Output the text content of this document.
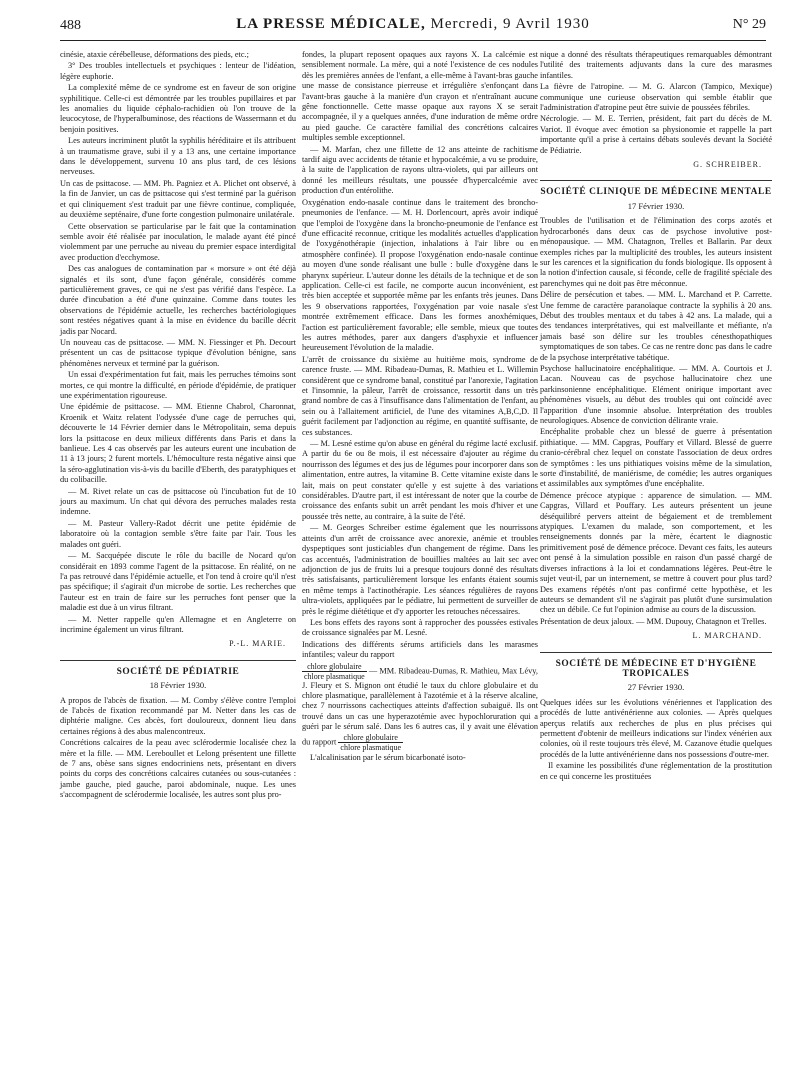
488	LA PRESSE MÉDICALE, Mercredi, 9 Avril 1930	N° 29

cinésie, ataxie cérébelleuse, déformations des pieds, etc.;

3° Des troubles intellectuels et psychiques : lenteur de l'idéation, légère euphorie.

La complexité même de ce syndrome est en faveur de son origine syphilitique. Celle-ci est démontrée par les troubles pupillaires et par les anomalies du liquide céphalo-rachidien où l'on trouve de la leucocytose, de l'hyperalbuminose, des réactions de Wassermann et du benjoin positives.

Les auteurs incriminent plutôt la syphilis héréditaire et ils attribuent à un traumatisme grave, subi il y a 13 ans, une certaine importance dans le développement, survenu 10 ans plus tard, de ces lésions nerveuses.

Un cas de psittacose. — MM. Ph. Pagniez et A. Plichet ont observé, à la fin de Janvier, un cas de psittacose qui s'est terminé par la guérison et qui cliniquement s'est traduit par une fièvre continue, compliquée, au deuxième septénaire, d'une forte congestion pulmonaire unilatérale.

Cette observation se particularise par le fait que la contamination semble avoir été réalisée par inoculation, le malade ayant été pincé violemment par une perruche au niveau du premier espace interdigital avec production d'ecchymose.

Des cas analogues de contamination par « morsure » ont été déjà signalés et ils sont, d'une façon générale, considérés comme particulièrement graves, ce qui ne s'est pas vérifié dans l'espèce. La durée d'incubation a été d'une quinzaine. Comme dans toutes les observations de l'épidémie actuelle, les recherches bactériologiques sont restées négatives quant à la mise en évidence du bacille décrit jadis par Nocard.

Un nouveau cas de psittacose. — MM. N. Fiessinger et Ph. Decourt présentent un cas de psittacose typique d'évolution bénigne, sans phénomènes nerveux et terminé par la guérison.

Un essai d'expérimentation fut fait, mais les perruches témoins sont mortes, ce qui montre la difficulté, en période d'épidémie, de pratiquer une expérimentation rigoureuse.

Une épidémie de psittacose. — MM. Etienne Chabrol, Charonnat, Kroenik et Waitz relatent l'odyssée d'une cage de perruches qui, découverte le 14 Février dernier dans le Métropolitain, sema depuis lors la psittacose en deux milieux différents dans Paris et dans la banlieue. Les 4 cas observés par les auteurs eurent une incubation de 11 à 13 jours; 2 furent mortels. L'hémoculture resta négative ainsi que la séro-agglutination vis-à-vis du bacille d'Eberth, des paratyphiques et du colibacille.

— M. Rivet relate un cas de psittacose où l'incubation fut de 10 jours au maximum. Un chat qui dévora des perruches malades resta indemne.

— M. Pasteur Vallery-Radot décrit une petite épidémie de laboratoire où la contagion semble s'être faite par l'air. Tous les malades ont guéri.

— M. Sacquépée discute le rôle du bacille de Nocard qu'on considérait en 1893 comme l'agent de la psittacose. En réalité, on ne l'a pas retrouvé dans l'épidémie actuelle, et l'on tend à croire qu'il n'est pas spécifique; il s'agirait d'un microbe de sortie. Les recherches que l'auteur est en train de faire sur les perruches font penser que la maladie est due à un virus filtrant.

— M. Netter rappelle qu'en Allemagne et en Angleterre on incrimine également un virus filtrant.

P.-L. MARIE.
SOCIÉTÉ DE PÉDIATRIE
18 Février 1930.

A propos de l'abcès de fixation. — M. Comby s'élève contre l'emploi de l'abcès de fixation recommandé par M. Netter dans les cas de diphtérie maligne. Ces abcès, fort douloureux, donnent lieu dans certaines régions à des abus malencontreux.

Concrétions calcaires de la peau avec sclérodermie localisée chez la mère et la fille. — MM. Lereboullet et Lelong présentent une fillette de 7 ans, obèse sans signes endocriniens nets, présentant en divers points du corps des concrétions calcaires cutanées ou sous-cutanées : jambe gauche, pied gauche, paroi abdominale, nuque. Les unes s'accompagnent de sclérodermie localisée, les autres sont plus pro-

fondes, la plupart reposent opaques aux rayons X. La calcémie est sensiblement normale. La mère, qui a noté l'existence de ces nodules dès les premières années de l'enfant, a elle-même à l'avant-bras gauche une masse de consistance pierreuse et irrégulière s'enfonçant dans l'avant-bras gauche à la manière d'un crayon et n'entraînant aucune gêne fonctionnelle. Cette masse opaque aux rayons X se serait accompagnée, il y a quelques années, d'une induration de même ordre au pied gauche. Ce caractère familial des concrétions calcaires multiples semble exceptionnel.

— M. Marfan, chez une fillette de 12 ans atteinte de rachitisme tardif aigu avec accidents de tétanie et hypocalcémie, a vu se produire, à la suite de l'application de rayons ultra-violets, qui par ailleurs ont donné les meilleurs résultats, une poussée d'hypercalcémie avec production d'un entérolithe.

Oxygénation endo-nasale continue dans le traitement des broncho-pneumonies de l'enfance. — M. H. Dorlencourt, après avoir indiqué que l'emploi de l'oxygène dans la broncho-pneumonie de l'enfance est d'une efficacité reconnue, critique les modalités actuelles d'application de l'oxygénothérapie (injection, inhalations à l'air libre ou en atmosphère confinée). Il propose l'oxygénation endo-nasale continue au moyen d'une sonde réalisant une bulle : bulle d'oxygène dans le pharynx supérieur. L'auteur donne les détails de la technique et de son application. Celle-ci est facile, ne comporte aucun inconvénient, est très bien acceptée et supportée même par les enfants très jeunes. Dans les 9 observations rapportées, l'oxygénation par voie nasale s'est montrée extrêmement efficace. Dans les formes anoxhémiques, l'action est particulièrement favorable; elle semble, mieux que toutes les autres méthodes, parer aux dangers d'asphyxie et influencer heureusement l'évolution de la maladie.

L'arrêt de croissance du sixième au huitième mois, syndrome de carence fruste. — MM. Ribadeau-Dumas, R. Mathieu et L. Willemin considèrent que ce syndrome banal, constitué par l'anorexie, l'agitation et l'insomnie, la pâleur, l'arrêt de croissance, ressortit dans un très grand nombre de cas à l'insuffisance dans l'alimentation de l'enfant, au sein ou à l'allaitement artificiel, de l'une des vitamines A,B,C,D. Il guérit facilement par l'adjonction au régime, en quantité suffisante, de ces substances.

— M. Lesné estime qu'on abuse en général du régime lacté exclusif. A partir du 6e ou 8e mois, il est nécessaire d'ajouter au régime du nourrisson des légumes et des jus de légumes pour incorporer dans son alimentation, entre autres, la vitamine B. Cette vitamine existe dans le lait, mais on peut constater qu'elle y est sujette à des variations considérables. D'autre part, il est intéressant de noter que la courbe de croissance des enfants subit un arrêt pendant les mois d'hiver et une poussée très nette, au contraire, à la suite de l'été.

— M. Georges Schreiber estime également que les nourrissons atteints d'un arrêt de croissance avec anorexie, anémie et troubles dyspeptiques sont justiciables d'un changement de régime. Dans les cas accentués, l'administration de bouillies maltées au lait sec avec adjonction de jus de fruits lui a presque toujours donné des résultats très satisfaisants, particulièrement lorsque les enfants étaient soumis en même temps à l'actinothérapie. Les séances régulières de rayons ultra-violets, appliquées par le pédiatre, lui permettent de surveiller de près le régime diététique et d'y apporter les retouches nécessaires.

Les bons effets des rayons sont à rapprocher des poussées estivales de croissance signalées par M. Lesné.

Indications des différents sérums artificiels dans les marasmes infantiles; valeur du rapport

$\frac{\text{chlore globulaire}}{\text{chlore plasmatique}}$ — MM. Ribadeau-Dumas, R. Mathieu, Max Lévy, J. Fleury et S. Mignon ont étudié le taux du chlore globulaire et du chlore plasmatique, parallèlement à l'azotémie et à la réserve alcaline, chez 7 nourrissons cachectiques atteints d'affection subaiguë. Ils ont trouvé dans un cas une hyperazotémie avec hypochloruration qui a guéri par le sérum salé. Dans les 6 autres cas, il y avait une élévation du rapport $\frac{\text{chlore globulaire}}{\text{chlore plasmatique}}$

L'alcalinisation par le sérum bicarbonaté isoto-

nique a donné des résultats thérapeutiques remarquables démontrant l'utilité des traitements adjuvants dans la cure des marasmes infantiles.

La fièvre de l'atropine. — M. G. Alarcon (Tampico, Mexique) communique une curieuse observation qui semble établir que l'administration d'atropine peut être suivie de poussées fébriles.

Nécrologie. — M. E. Terrien, président, fait part du décès de M. Variot. Il évoque avec émotion sa physionomie et rappelle la part importante qu'il a prise à certains débats soulevés devant la Société de Pédiatrie.

G. SCHREIBER.
SOCIÉTÉ CLINIQUE DE MÉDECINE MENTALE
17 Février 1930.

Troubles de l'utilisation et de l'élimination des corps azotés et hydrocarbonés dans deux cas de psychose involutive post-ménopausique. — MM. Chatagnon, Trelles et Ballarin. Par deux exemples riches par la multiplicité des troubles, les auteurs insistent sur les carences et la signification du fonds biologique. Ils opposent à la notion d'infection causale, si féconde, celle de fragilité spéciale des parenchymes qui ne doit pas être méconnue.

Délire de persécution et tabes. — MM. L. Marchand et P. Carrette. Une femme de caractère paranoïaque contracte la syphilis à 20 ans. Début des troubles mentaux et du tabes à 42 ans. La malade, qui a des tendances interprétatives, qui est malveillante et méfiante, n'a jamais basé son délire sur les troubles cénesthopathiques symptomatiques de son tabes. Ce cas ne rentre donc pas dans le cadre de la psychose interprétative tabétique.

Psychose hallucinatoire encéphalitique. — MM. A. Courtois et J. Lacan. Nouveau cas de psychose hallucinatoire chez une parkinsonienne encéphalitique. Elément onirique important avec phénomènes visuels, au début des troubles qui ont coïncidé avec l'apparition d'une insomnie absolue. Interprétation des troubles neurologiques. Absence de conviction délirante vraie.

Encéphalite probable chez un blessé de guerre à présentation pithiatique. — MM. Capgras, Pouffary et Villard. Blessé de guerre cranio-cérébral chez lequel on constate l'association de deux ordres de symptômes : les uns pithiatiques voisins même de la simulation, sorte d'instabilité, de maniérisme, de comédie; les autres organiques et assimilables aux symptômes d'une encéphalite.

Démence précoce atypique : apparence de simulation. — MM. Capgras, Villard et Pouffary. Les auteurs présentent un jeune déséquilibré pervers atteint de bégaiement et de tremblement atypiques. L'examen du malade, son comportement, et les renseignements donnés par la mère, écartent le diagnostic primitivement posé de démence précoce. Devant ces faits, les auteurs ont pensé à la simulation possible en raison d'un passé chargé de diverses infractions à la loi et condamnations légères. Peut-être le sujet veut-il, par un internement, se mettre à couvert pour plus tard? Des examens répétés n'ont pas confirmé cette hypothèse, et les auteurs se demandent s'il ne s'agirait pas plutôt d'une sursimulation chez un débile. Ce fut l'opinion admise au cours de la discussion.

Présentation de deux jaloux. — MM. Dupouy, Chatagnon et Trelles.

L. MARCHAND.
SOCIÉTÉ DE MÉDECINE ET D'HYGIÈNE TROPICALES
27 Février 1930.

Quelques idées sur les évolutions vénériennes et l'application des procédés de lutte antivénérienne aux colonies. — Après quelques aperçus relatifs aux recherches de plus en plus précises qui permettent d'obtenir de meilleurs indications sur l'index vénérien aux colonies, où il reste toujours très élevé, M. Cazanove étudie quelques procédés de la lutte antivénérienne dans nos possessions d'outre-mer.

Il examine les possibilités d'une réglementation de la prostitution en ce qui concerne les prostituées
